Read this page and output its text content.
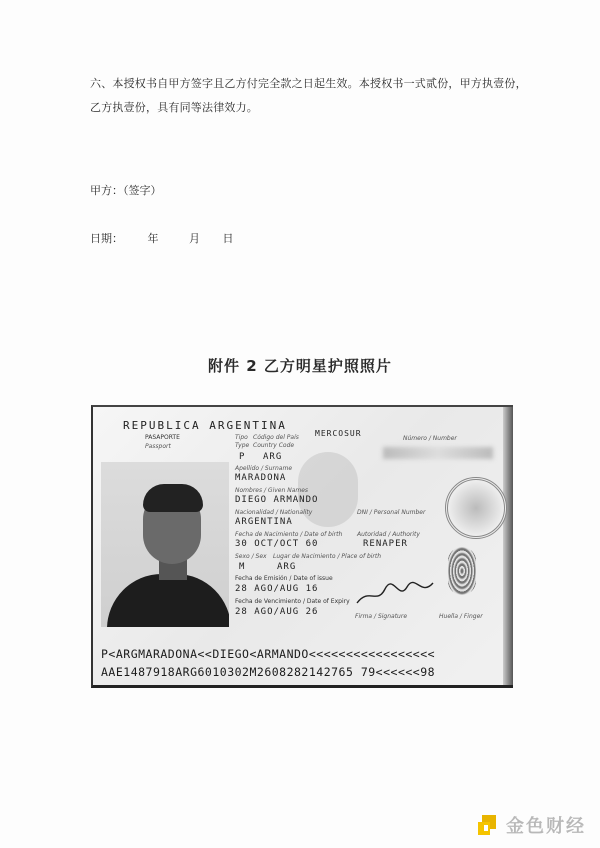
六、本授权书自甲方签字且乙方付完全款之日起生效。本授权书一式贰份，甲方执壹份，乙方执壹份，具有同等法律效力。
甲方：（签字）
日期： 年	月 日
附件 2 乙方明星护照照片
REPUBLICA ARGENTINA
MERCOSUR
PASAPORTE
Passport
Tipo Código del País
Type Country Code
Número / Number
P ARG
Apellido / Surname
MARADONA
Nombres / Given Names
DIEGO ARMANDO
Nacionalidad / Nationality
ARGENTINA
DNI / Personal Number
Fecha de Nacimiento / Date of birth Autoridad / Authority
30 OCT/OCT 60	RENAPER
Sexo / Sex Lugar de Nacimiento / Place of birth
M	ARG
Fecha de Emisión / Date of issue
28 AGO/AUG 16
Fecha de Vencimiento / Date of Expiry
28 AGO/AUG 26	Firma / Signature	Huella / Finger
P<ARGMARADONA<<DIEGO<ARMANDO<<<<<<<<<<<<<<<<<
AAE1487918ARG6010302M2608282142765 79<<<<<<98
金色财经
